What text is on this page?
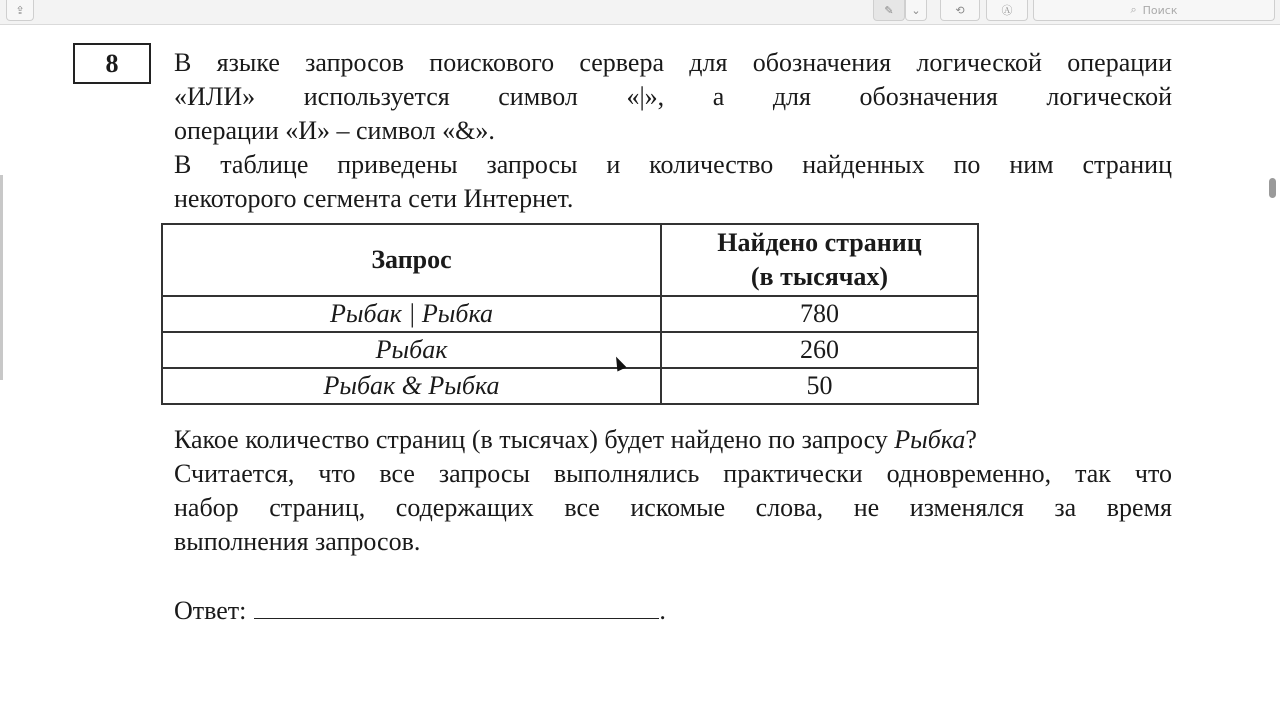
⇪	✎ ⌄	⟲	Ⓐ	⌕ Поиск
8 В языке запросов поискового сервера для обозначения логической операции
«ИЛИ» используется символ «|», а для обозначения логической
операции «И» – символ «&».
В таблице приведены запросы и количество найденных по ним страниц
некоторого сегмента сети Интернет.
Запрос	Найдено страниц
(в тысячах)
Рыбак | Рыбка	780
Рыбак	260
Рыбак & Рыбка	50
Какое количество страниц (в тысячах) будет найдено по запросу Рыбка?
Считается, что все запросы выполнялись практически одновременно, так что
набор страниц, содержащих все искомые слова, не изменялся за время
выполнения запросов.
Ответ:	.
